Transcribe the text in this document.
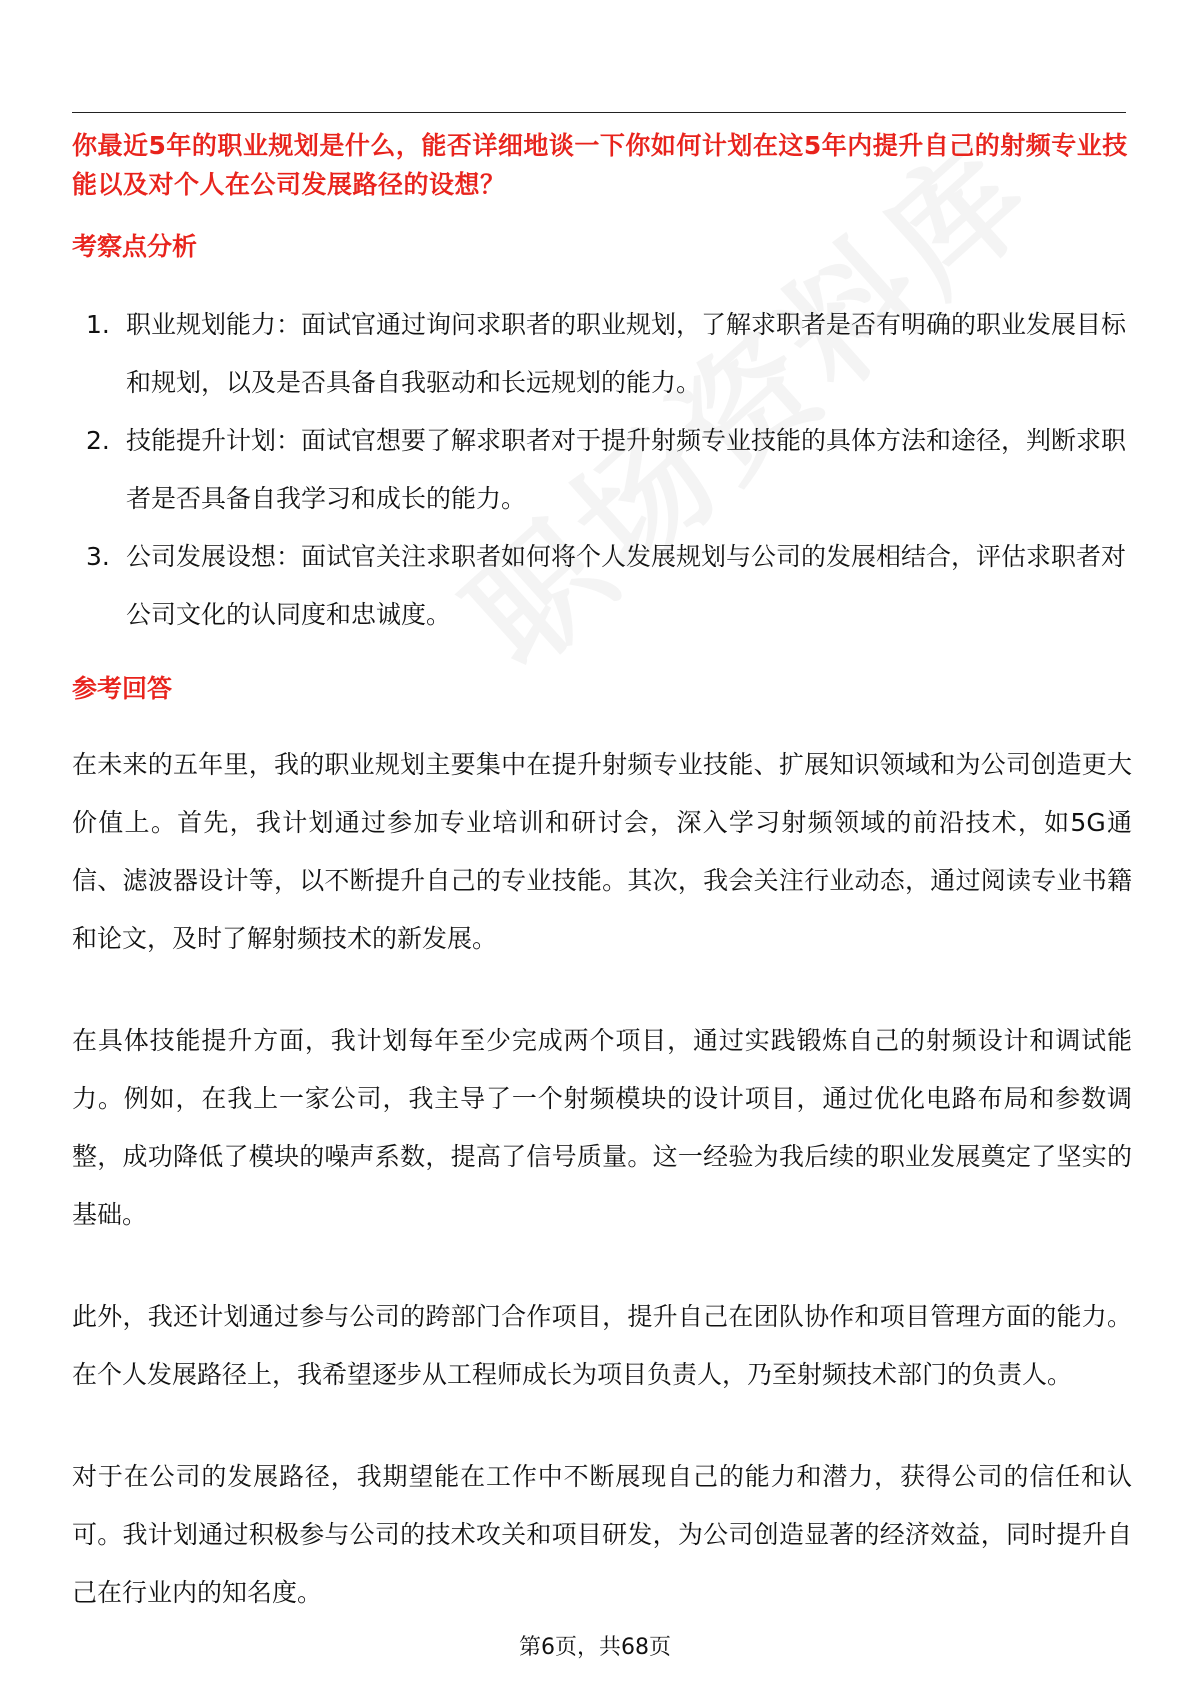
你最近5年的职业规划是什么，能否详细地谈一下你如何计划在这5年内提升自己的射频专业技能以及对个人在公司发展路径的设想？
考察点分析
1. 职业规划能力：面试官通过询问求职者的职业规划，了解求职者是否有明确的职业发展目标和规划，以及是否具备自我驱动和长远规划的能力。
2. 技能提升计划：面试官想要了解求职者对于提升射频专业技能的具体方法和途径，判断求职者是否具备自我学习和成长的能力。
3. 公司发展设想：面试官关注求职者如何将个人发展规划与公司的发展相结合，评估求职者对公司文化的认同度和忠诚度。
参考回答

在未来的五年里，我的职业规划主要集中在提升射频专业技能、扩展知识领域和为公司创造更大价值上。首先，我计划通过参加专业培训和研讨会，深入学习射频领域的前沿技术，如5G通信、滤波器设计等，以不断提升自己的专业技能。其次，我会关注行业动态，通过阅读专业书籍和论文，及时了解射频技术的新发展。

在具体技能提升方面，我计划每年至少完成两个项目，通过实践锻炼自己的射频设计和调试能力。例如，在我上一家公司，我主导了一个射频模块的设计项目，通过优化电路布局和参数调整，成功降低了模块的噪声系数，提高了信号质量。这一经验为我后续的职业发展奠定了坚实的基础。

此外，我还计划通过参与公司的跨部门合作项目，提升自己在团队协作和项目管理方面的能力。在个人发展路径上，我希望逐步从工程师成长为项目负责人，乃至射频技术部门的负责人。

对于在公司的发展路径，我期望能在工作中不断展现自己的能力和潜力，获得公司的信任和认可。我计划通过积极参与公司的技术攻关和项目研发，为公司创造显著的经济效益，同时提升自己在行业内的知名度。

第6页，共68页
